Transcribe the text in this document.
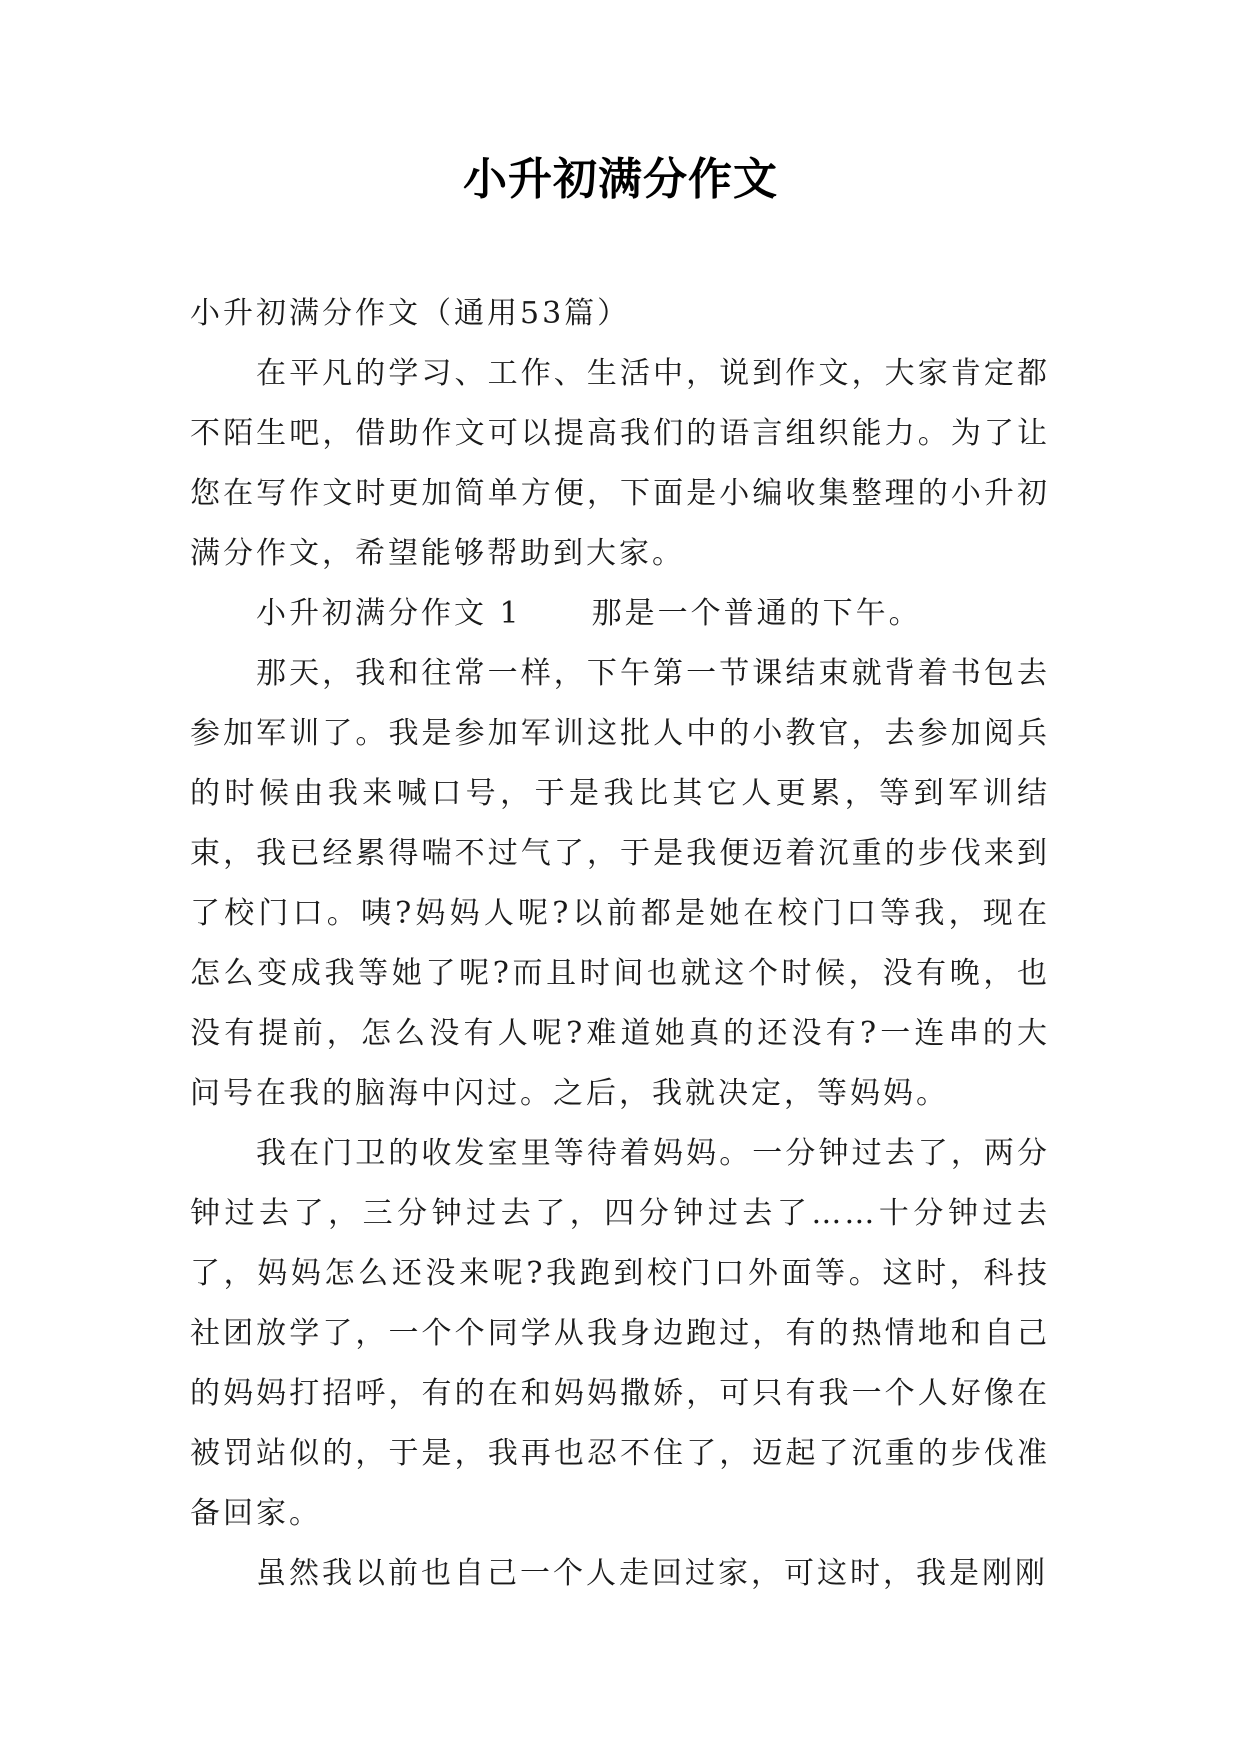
小升初满分作文

小升初满分作文（通用53篇）

在平凡的学习、工作、生活中，说到作文，大家肯定都不陌生吧，借助作文可以提高我们的语言组织能力。为了让您在写作文时更加简单方便，下面是小编收集整理的小升初满分作文，希望能够帮助到大家。

小升初满分作文 1 那是一个普通的下午。

那天，我和往常一样，下午第一节课结束就背着书包去参加军训了。我是参加军训这批人中的小教官，去参加阅兵的时候由我来喊口号，于是我比其它人更累，等到军训结束，我已经累得喘不过气了，于是我便迈着沉重的步伐来到了校门口。咦?妈妈人呢?以前都是她在校门口等我，现在怎么变成我等她了呢?而且时间也就这个时候，没有晚，也没有提前，怎么没有人呢?难道她真的还没有?一连串的大问号在我的脑海中闪过。之后，我就决定，等妈妈。

我在门卫的收发室里等待着妈妈。一分钟过去了，两分钟过去了，三分钟过去了，四分钟过去了……十分钟过去了，妈妈怎么还没来呢?我跑到校门口外面等。这时，科技社团放学了，一个个同学从我身边跑过，有的热情地和自己的妈妈打招呼，有的在和妈妈撒娇，可只有我一个人好像在被罚站似的，于是，我再也忍不住了，迈起了沉重的步伐准备回家。

虽然我以前也自己一个人走回过家，可这时，我是刚刚
